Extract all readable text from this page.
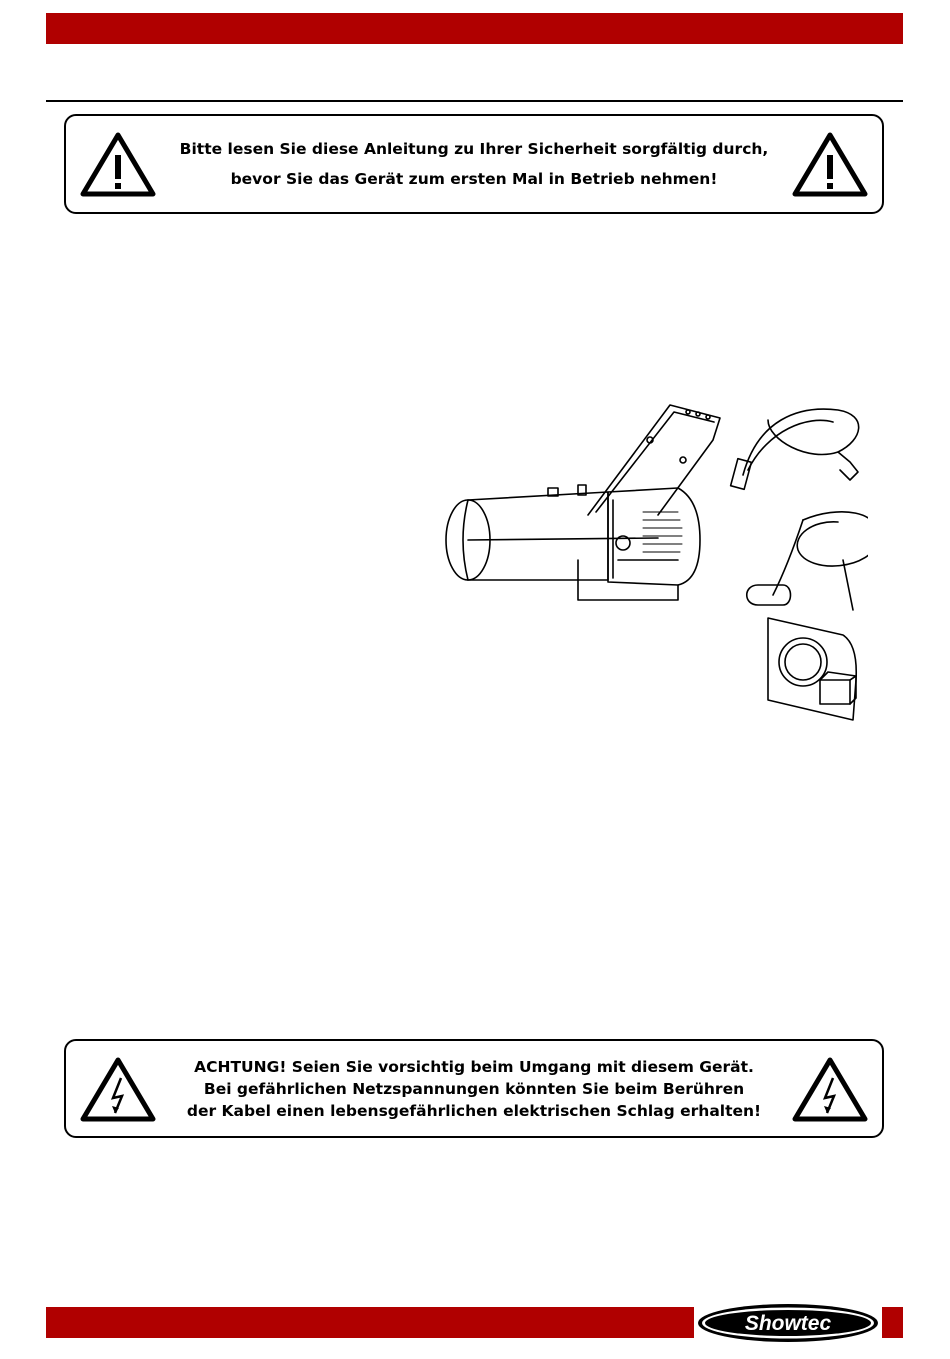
Bitte lesen Sie diese Anleitung zu Ihrer Sicherheit sorgfältig durch,
bevor Sie das Gerät zum ersten Mal in Betrieb nehmen!
ACHTUNG! Seien Sie vorsichtig beim Umgang mit diesem Gerät.
Bei gefährlichen Netzspannungen könnten Sie beim Berühren
der Kabel einen lebensgefährlichen elektrischen Schlag erhalten!
Showtec
